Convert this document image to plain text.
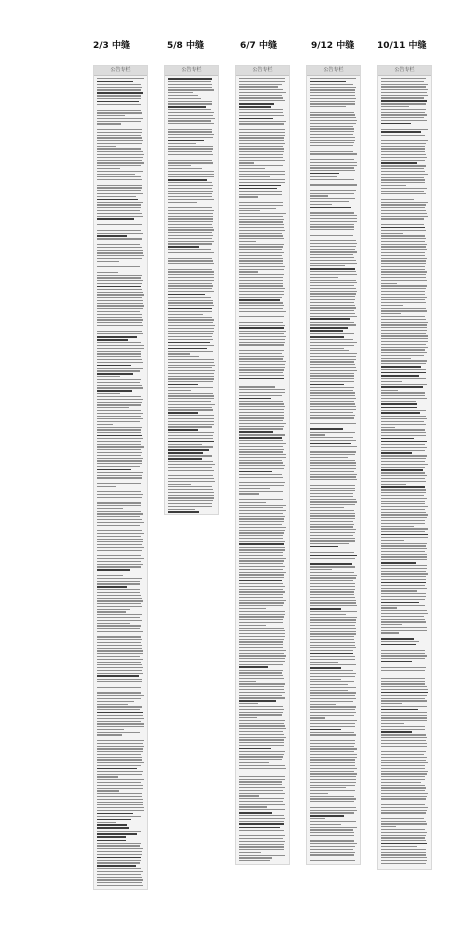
2/3 中缝	5/8 中缝	6/7 中缝	9/12 中缝	10/11 中缝
公告专栏	公告专栏	公告专栏	公告专栏	公告专栏
